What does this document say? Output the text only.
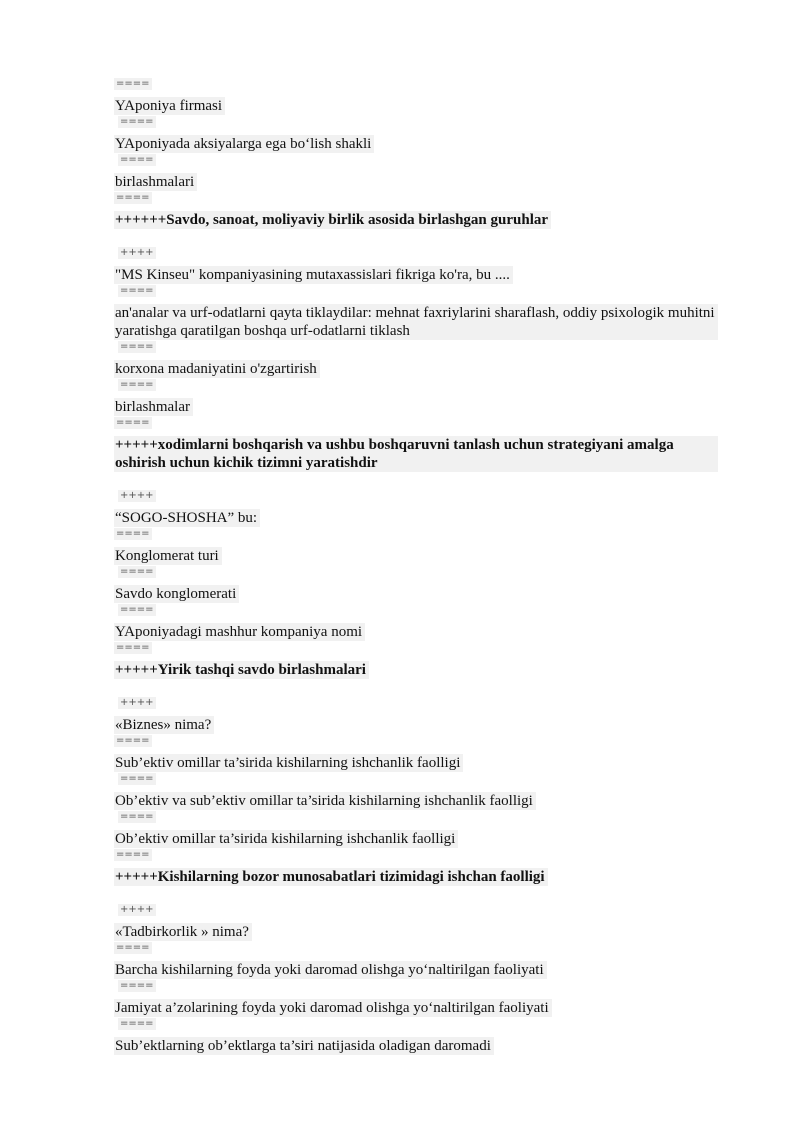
====
YAponiya firmasi
====
YAponiyada aksiyalarga ega bo‘lish shakli
====
birlashmalari
====
++++++Savdo, sanoat, moliyaviy birlik asosida birlashgan guruhlar
++++
"MS Kinseu" kompaniyasining mutaxassislari fikriga ko'ra, bu ....
====
an'analar va urf-odatlarni qayta tiklaydilar: mehnat faxriylarini sharaflash, oddiy psixologik muhitni yaratishga qaratilgan boshqa urf-odatlarni tiklash
====
korxona madaniyatini o'zgartirish
====
birlashmalar
====
+++++xodimlarni boshqarish va ushbu boshqaruvni tanlash uchun strategiyani amalga oshirish uchun kichik tizimni yaratishdir
++++
“SOGO-SHOSHA” bu:
====
Konglomerat turi
====
Savdo konglomerati
====
YAponiyadagi mashhur kompaniya nomi
====
+++++Yirik tashqi savdo birlashmalari
++++
«Biznes» nima?
====
Sub’ektiv omillar ta’sirida kishilarning ishchanlik faolligi
====
Ob’ektiv va sub’ektiv omillar ta’sirida kishilarning ishchanlik faolligi
====
Ob’ektiv omillar ta’sirida kishilarning ishchanlik faolligi
====
+++++Kishilarning bozor munosabatlari tizimidagi ishchan faolligi
++++
«Tadbirkorlik » nima?
====
Barcha kishilarning foyda yoki daromad olishga yo‘naltirilgan faoliyati
====
Jamiyat a’zolarining foyda yoki daromad olishga yo‘naltirilgan faoliyati
====
Sub’ektlarning ob’ektlarga ta’siri natijasida oladigan daromadi
